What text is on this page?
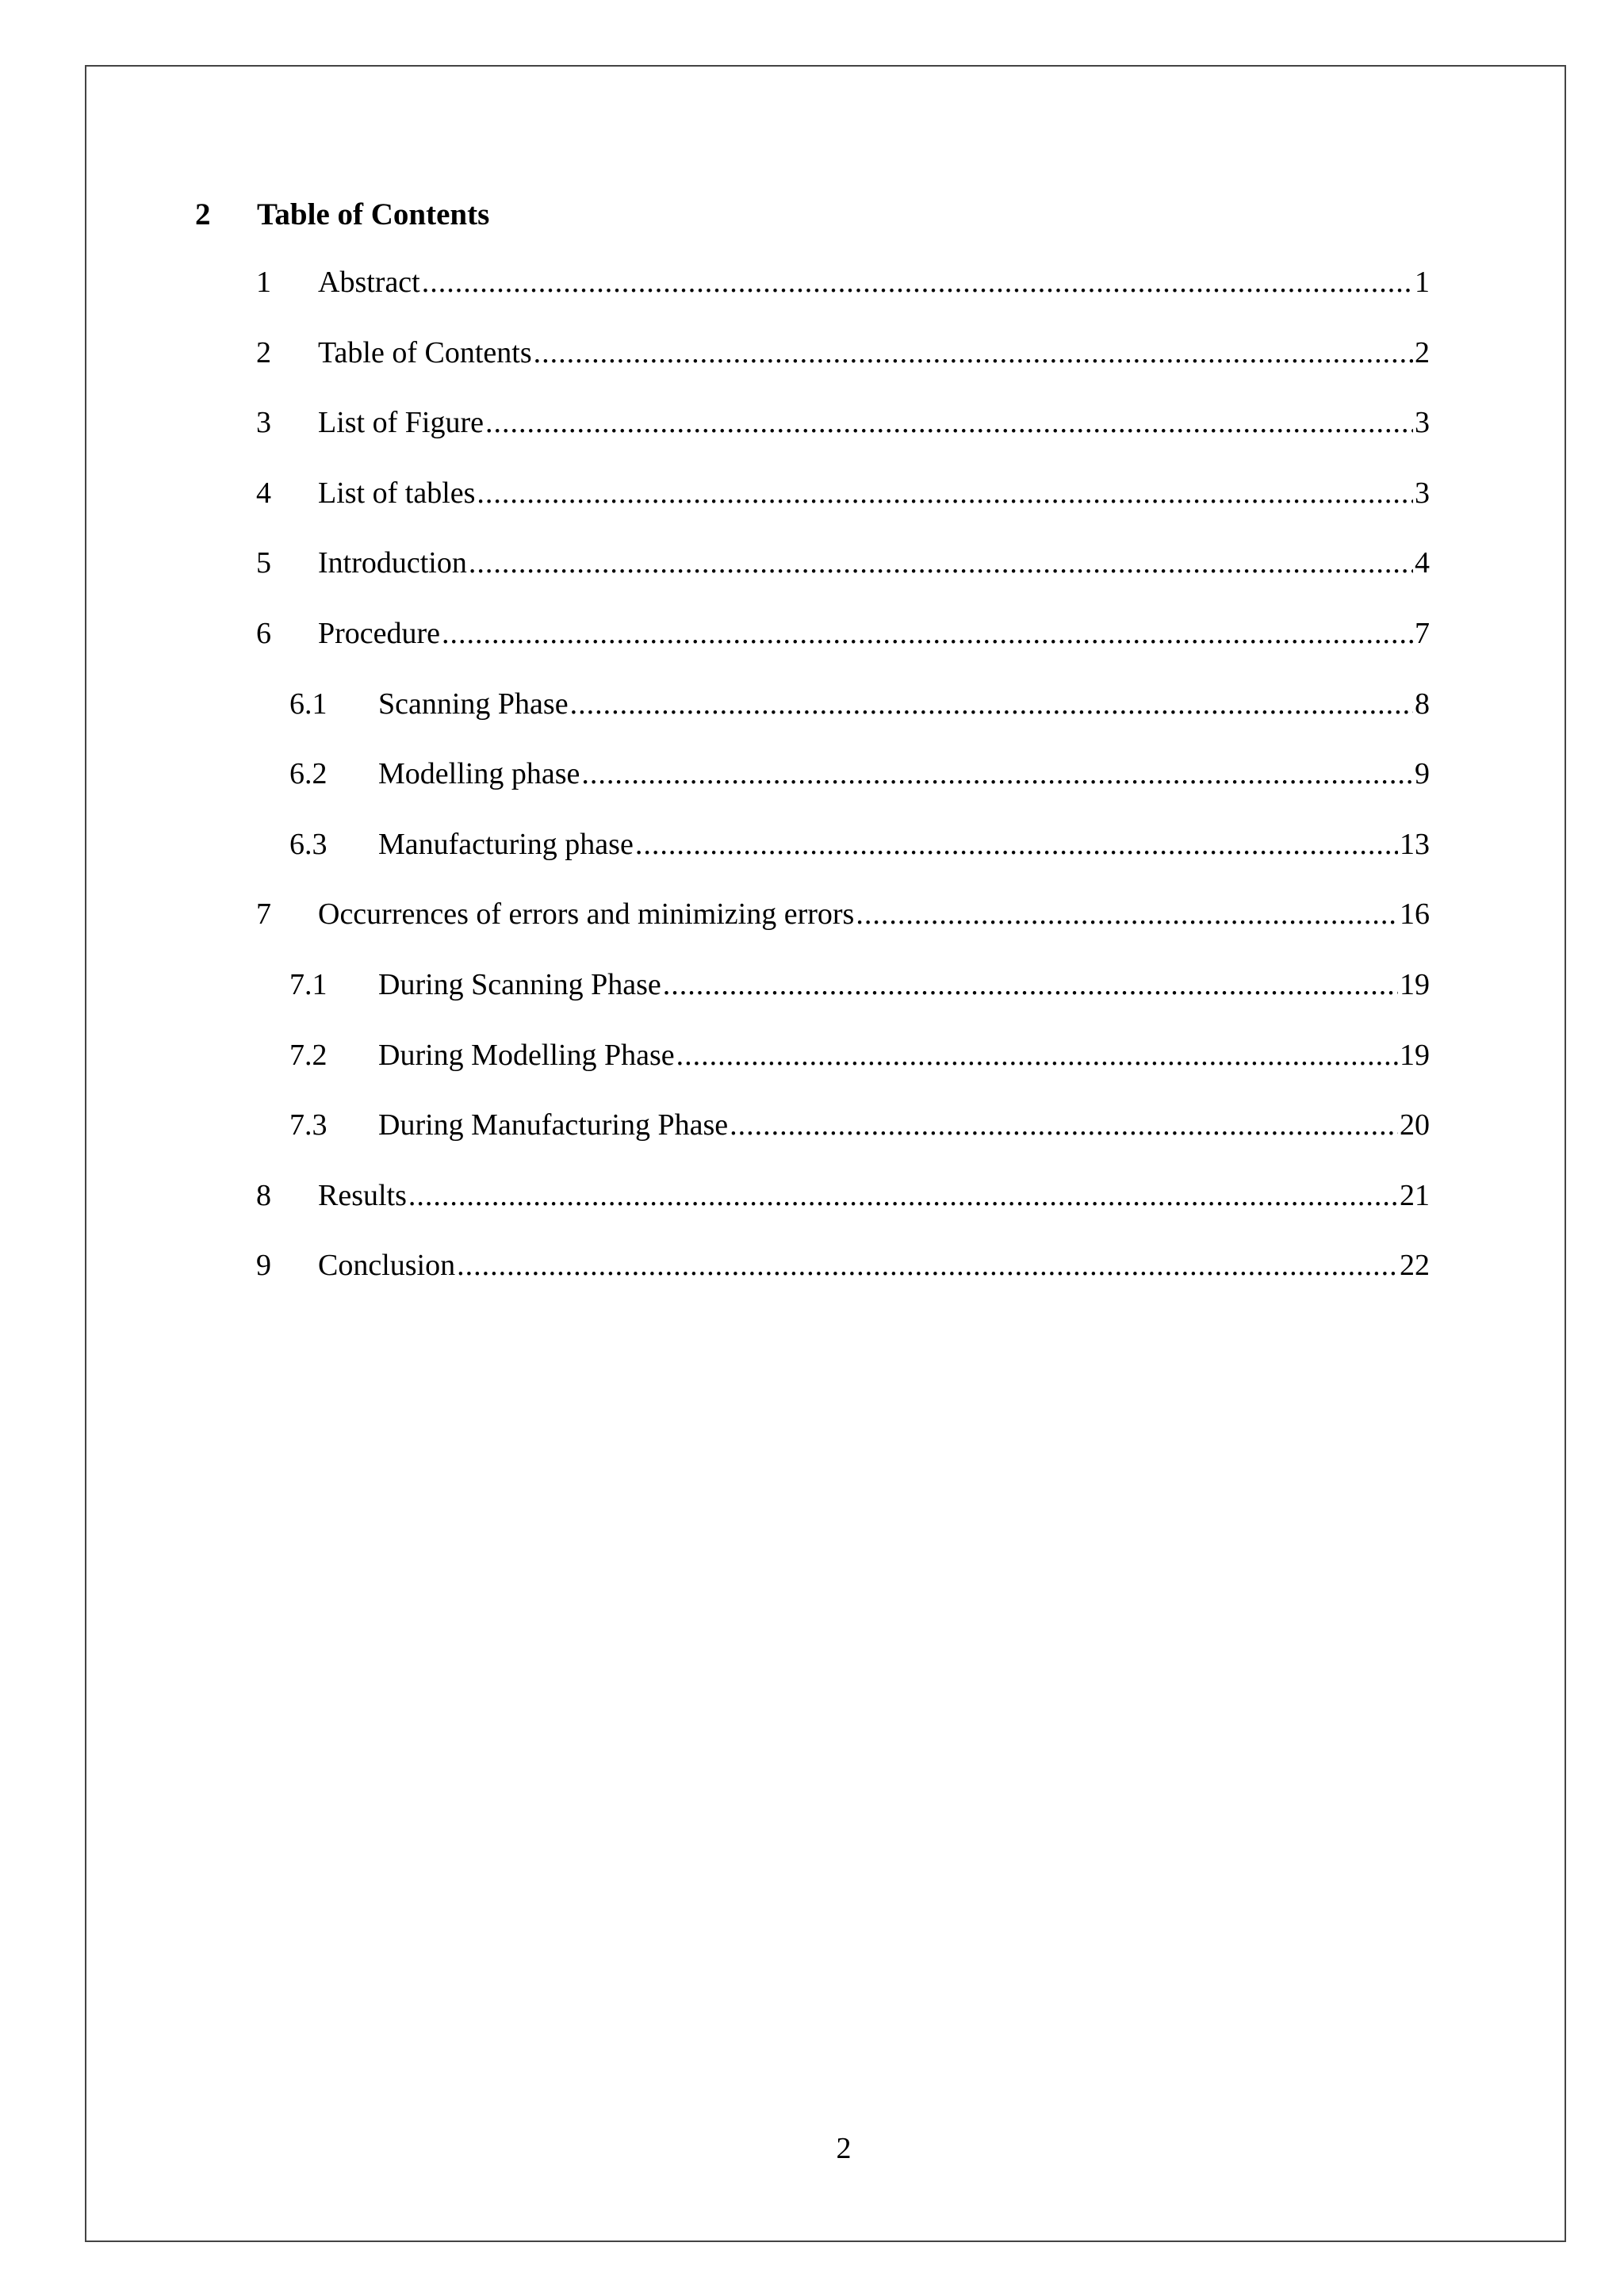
2 Table of Contents
1 Abstract .....	1
2 Table of Contents .....	2
3 List of Figure .....	3
4 List of tables .....	3
5 Introduction .....	4
6 Procedure .....	7
6.1 Scanning Phase .....	8
6.2 Modelling phase .....	9
6.3 Manufacturing phase .....	13
7 Occurrences of errors and minimizing errors .....	16
7.1 During Scanning Phase .....	19
7.2 During Modelling Phase .....	19
7.3 During Manufacturing Phase .....	20
8 Results .....	21
9 Conclusion .....	22
2
